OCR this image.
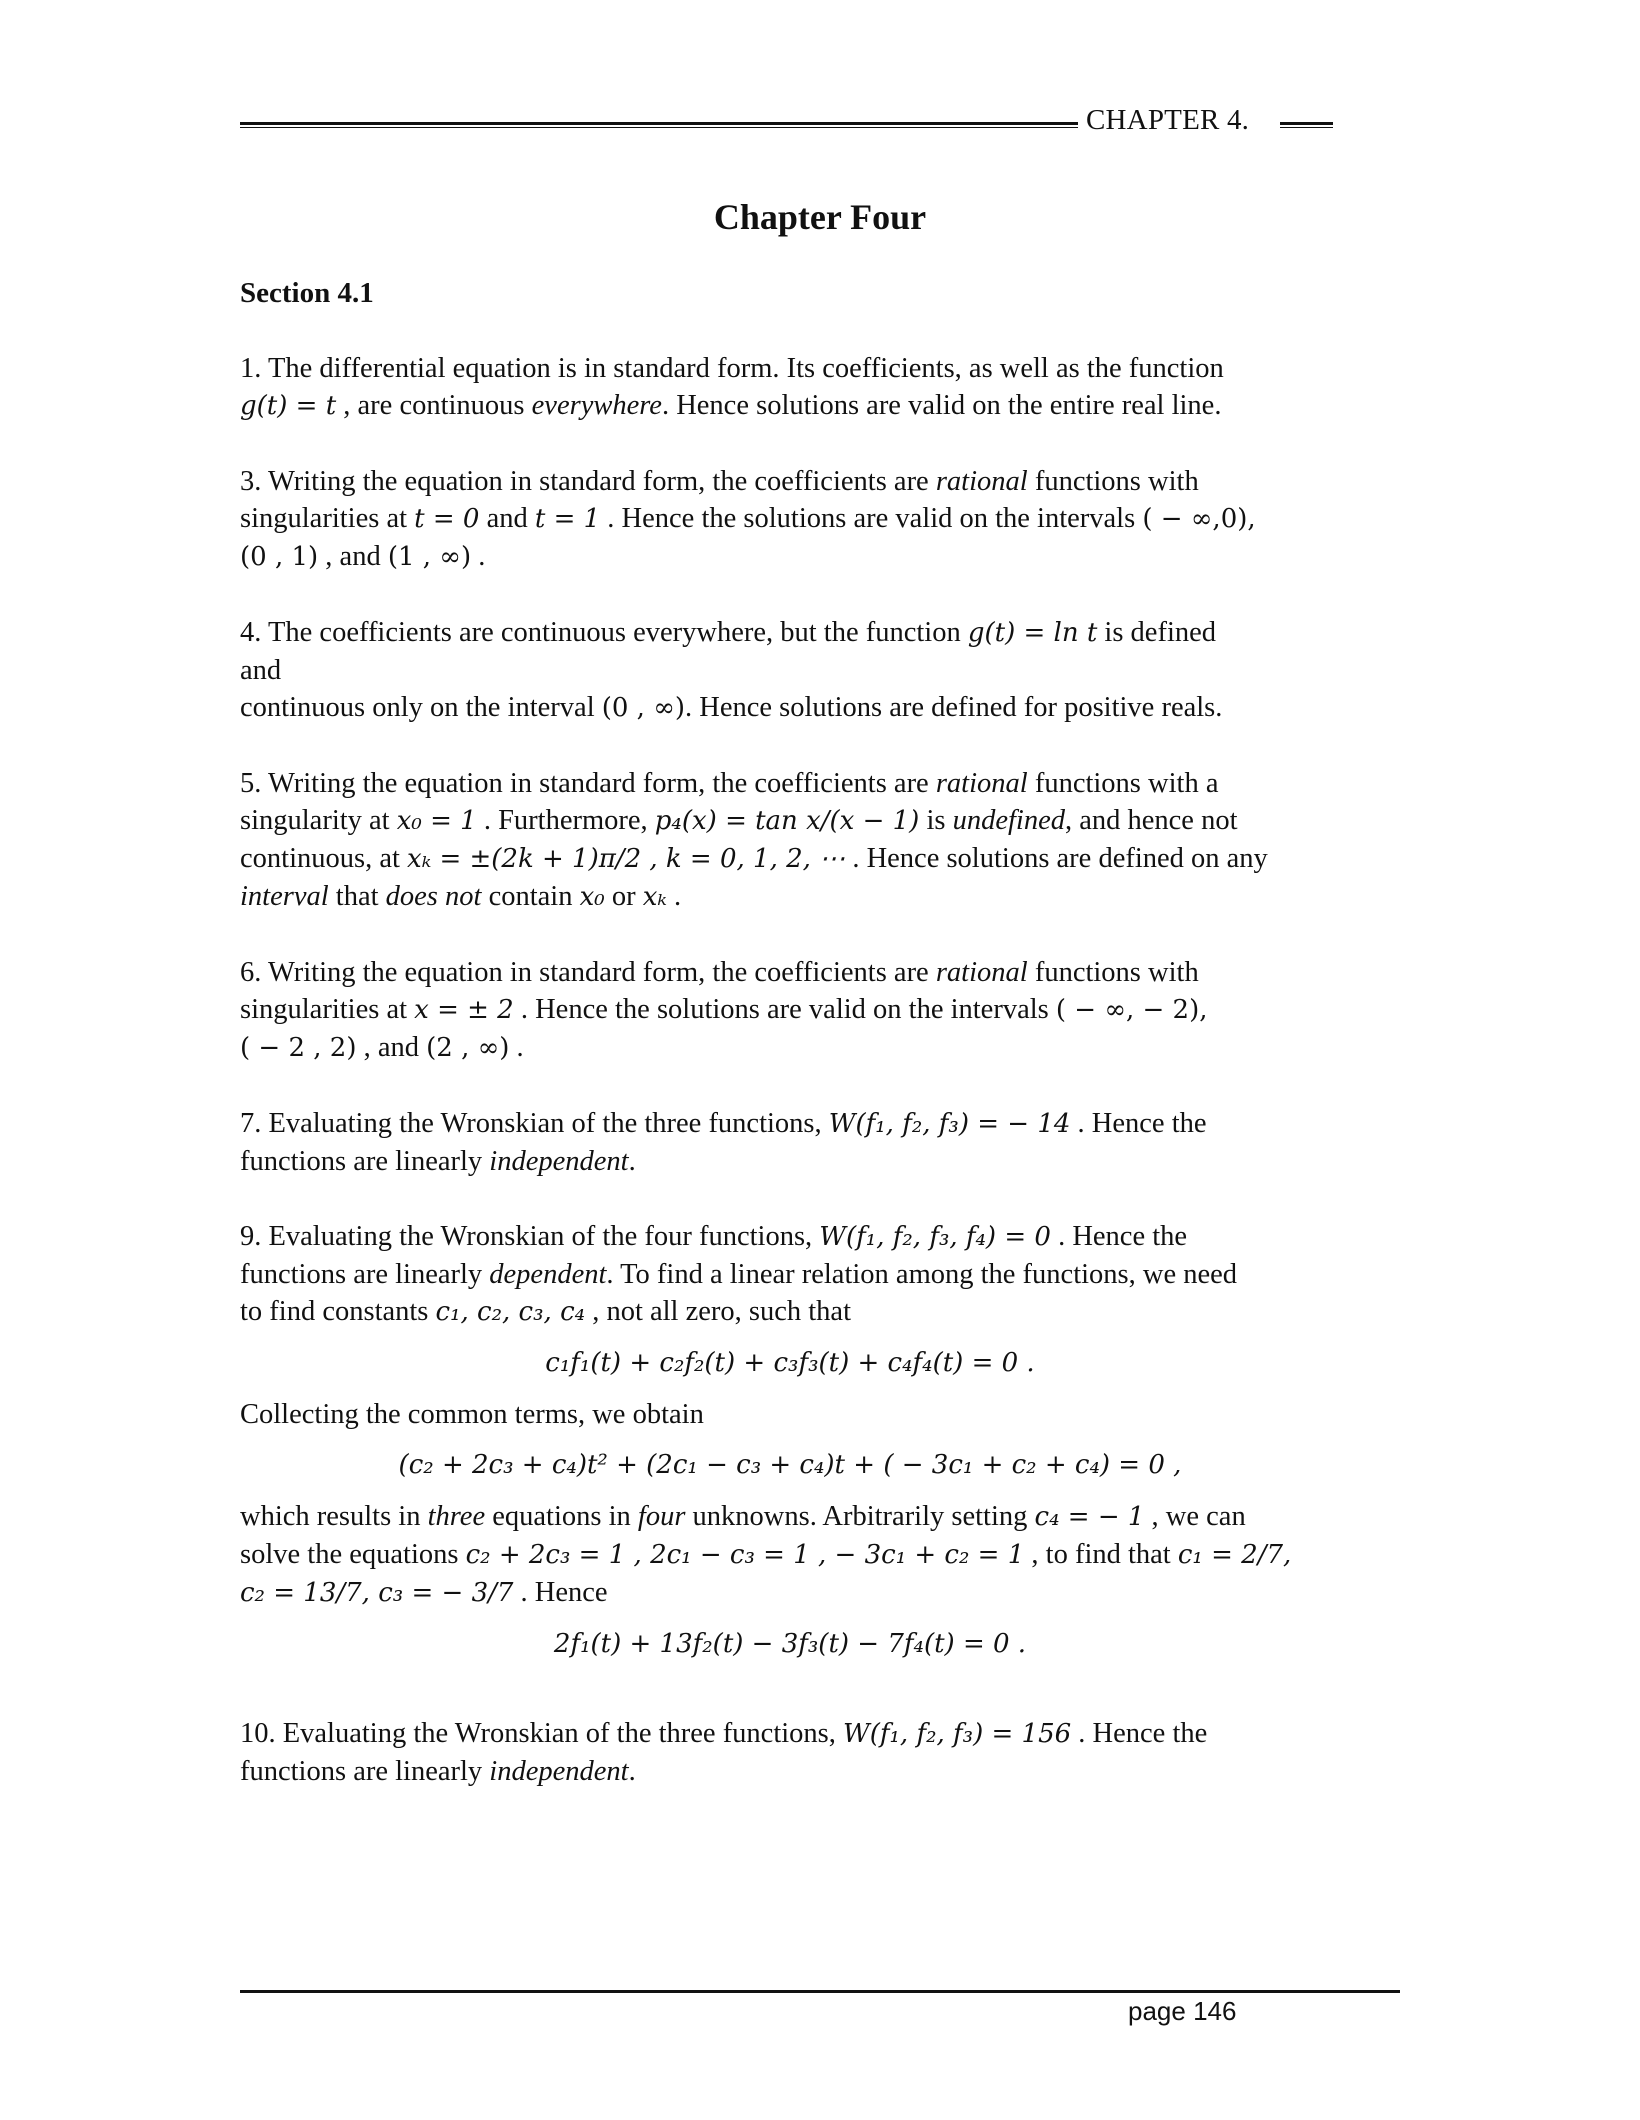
CHAPTER 4.
Chapter Four
Section 4.1
1. The differential equation is in standard form. Its coefficients, as well as the function
g(t) = t , are continuous everywhere. Hence solutions are valid on the entire real line.
3. Writing the equation in standard form, the coefficients are rational functions with
singularities at t = 0 and t = 1 . Hence the solutions are valid on the intervals ( − ∞,0),
(0 , 1) , and (1 , ∞) .
4. The coefficients are continuous everywhere, but the function g(t) = ln t is defined
and
continuous only on the interval (0 , ∞). Hence solutions are defined for positive reals.
5. Writing the equation in standard form, the coefficients are rational functions with a
singularity at x₀ = 1 . Furthermore, p₄(x) = tan x/(x − 1) is undefined, and hence not
continuous, at xₖ = ±(2k + 1)π/2 , k = 0, 1, 2, ⋯ . Hence solutions are defined on any
interval that does not contain x₀ or xₖ .
6. Writing the equation in standard form, the coefficients are rational functions with
singularities at x = ± 2 . Hence the solutions are valid on the intervals ( − ∞, − 2),
( − 2 , 2) , and (2 , ∞) .
7. Evaluating the Wronskian of the three functions, W(f₁, f₂, f₃) = − 14 . Hence the
functions are linearly independent.
9. Evaluating the Wronskian of the four functions, W(f₁, f₂, f₃, f₄) = 0 . Hence the
functions are linearly dependent. To find a linear relation among the functions, we need
to find constants c₁, c₂, c₃, c₄ , not all zero, such that
c₁f₁(t) + c₂f₂(t) + c₃f₃(t) + c₄f₄(t) = 0 .
Collecting the common terms, we obtain
(c₂ + 2c₃ + c₄)t² + (2c₁ − c₃ + c₄)t + ( − 3c₁ + c₂ + c₄) = 0 ,
which results in three equations in four unknowns. Arbitrarily setting c₄ = − 1 , we can
solve the equations c₂ + 2c₃ = 1 , 2c₁ − c₃ = 1 , − 3c₁ + c₂ = 1 , to find that c₁ = 2/7,
c₂ = 13/7, c₃ = − 3/7 . Hence
2f₁(t) + 13f₂(t) − 3f₃(t) − 7f₄(t) = 0 .
10. Evaluating the Wronskian of the three functions, W(f₁, f₂, f₃) = 156 . Hence the
functions are linearly independent.
page 146
